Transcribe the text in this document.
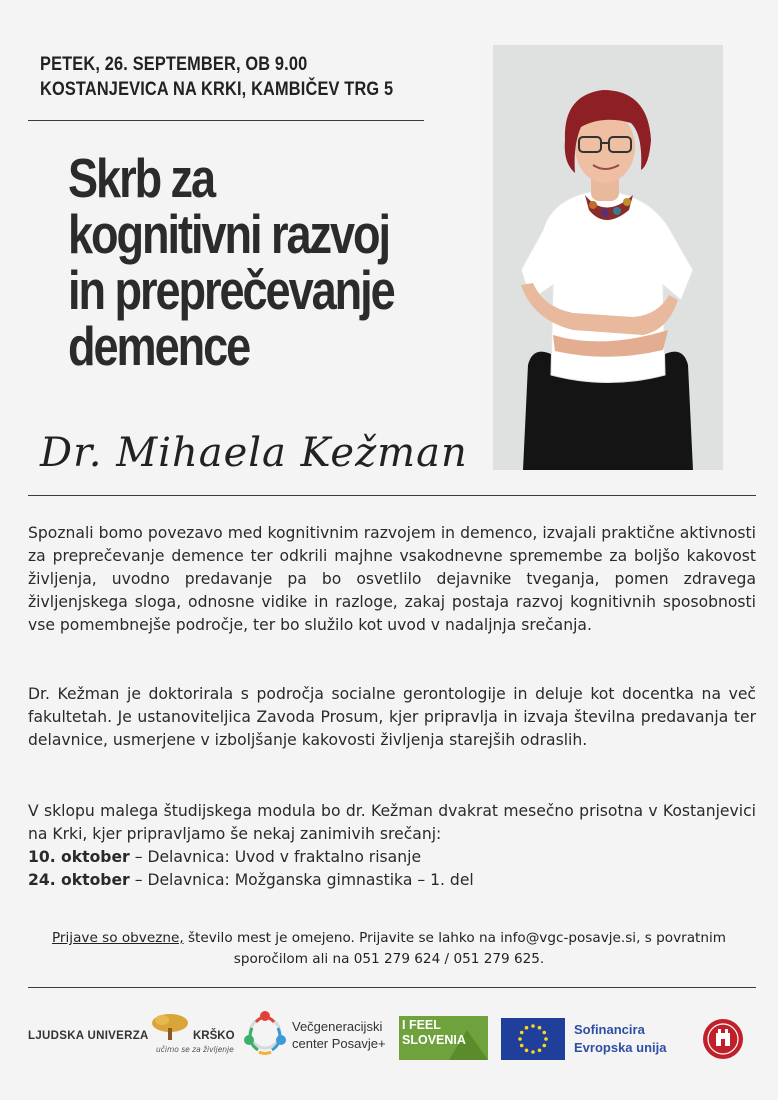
PETEK, 26. SEPTEMBER, OB 9.00
KOSTANJEVICA NA KRKI, KAMBIČEV TRG 5
Skrb za
kognitivni razvoj
in preprečevanje
demence
Dr. Mihaela Kežman

Spoznali bomo povezavo med kognitivnim razvojem in demenco, izvajali praktične aktivnosti za preprečevanje demence ter odkrili majhne vsakodnevne spremembe za boljšo kakovost življenja, uvodno predavanje pa bo osvetlilo dejavnike tveganja, pomen zdravega življenjskega sloga, odnosne vidike in razloge, zakaj postaja razvoj kognitivnih sposobnosti vse pomembnejše področje, ter bo služilo kot uvod v nadaljnja srečanja.

Dr. Kežman je doktorirala s področja socialne gerontologije in deluje kot docentka na več fakultetah. Je ustanoviteljica Zavoda Prosum, kjer pripravlja in izvaja številna predavanja ter delavnice, usmerjene v izboljšanje kakovosti življenja starejših odraslih.

V sklopu malega študijskega modula bo dr. Kežman dvakrat mesečno prisotna v Kostanjevici na Krki, kjer pripravljamo še nekaj zanimivih srečanj:
10. oktober – Delavnica: Uvod v fraktalno risanje
24. oktober – Delavnica: Možganska gimnastika – 1. del
Prijave so obvezne, število mest je omejeno. Prijavite se lahko na info@vgc-posavje.si, s povratnim sporočilom ali na 051 279 624 / 051 279 625.
LJUDSKA UNIVERZA	KRŠKO
učimo se za življenje
Večgeneracijski
center Posavje+
I FEEL
SLOVENIA
Sofinancira
Evropska unija
